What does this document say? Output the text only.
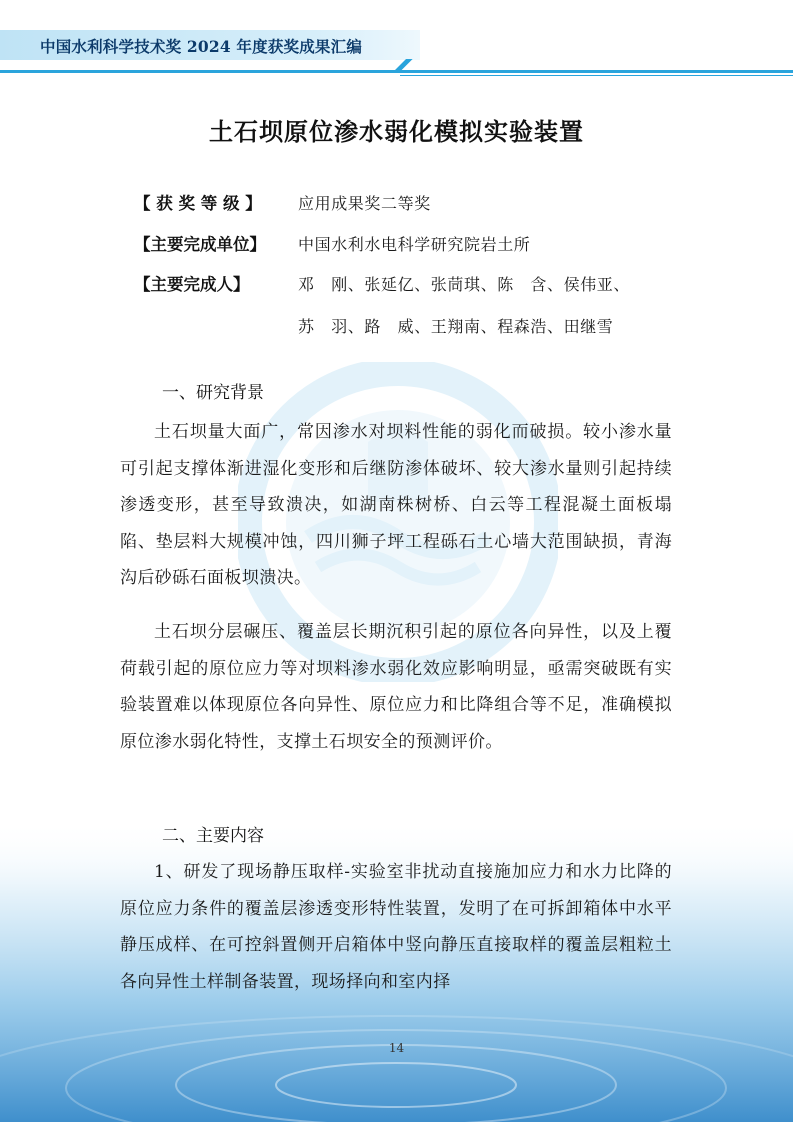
中国水利科学技术奖 2024 年度获奖成果汇编
土石坝原位渗水弱化模拟实验装置
【 获 奖 等 级 】	应用成果奖二等奖
【主要完成单位】	中国水利水电科学研究院岩土所
【主要完成人】	邓　刚、张延亿、张茼琪、陈　含、侯伟亚、
苏　羽、路　威、王翔南、程森浩、田继雪
一、研究背景
土石坝量大面广，常因渗水对坝料性能的弱化而破损。较小渗水量可引起支撑体渐进湿化变形和后继防渗体破坏、较大渗水量则引起持续渗透变形，甚至导致溃决，如湖南株树桥、白云等工程混凝土面板塌陷、垫层料大规模冲蚀，四川狮子坪工程砾石土心墙大范围缺损，青海沟后砂砾石面板坝溃决。
土石坝分层碾压、覆盖层长期沉积引起的原位各向异性，以及上覆荷载引起的原位应力等对坝料渗水弱化效应影响明显，亟需突破既有实验装置难以体现原位各向异性、原位应力和比降组合等不足，准确模拟原位渗水弱化特性，支撑土石坝安全的预测评价。
二、主要内容
1、研发了现场静压取样-实验室非扰动直接施加应力和水力比降的原位应力条件的覆盖层渗透变形特性装置，发明了在可拆卸箱体中水平静压成样、在可控斜置侧开启箱体中竖向静压直接取样的覆盖层粗粒土各向异性土样制备装置，现场择向和室内择
14
